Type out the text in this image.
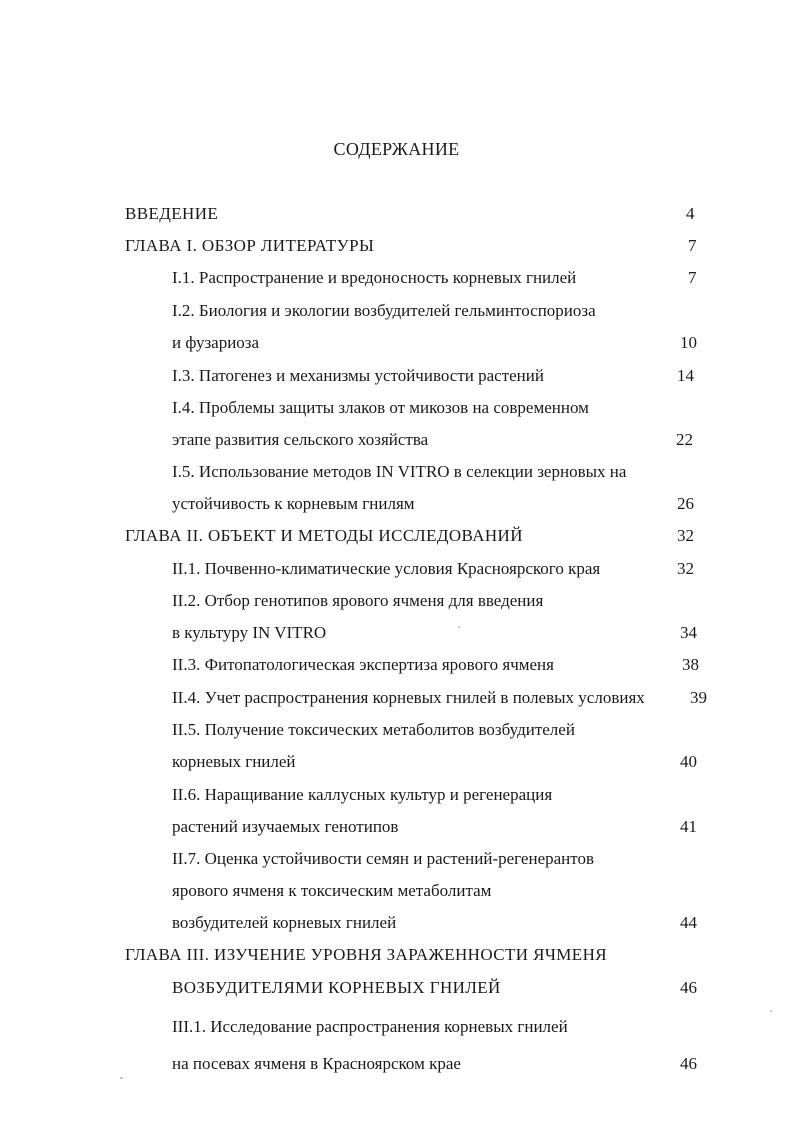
СОДЕРЖАНИЕ
ВВЕДЕНИЕ	4
ГЛАВА I. ОБЗОР ЛИТЕРАТУРЫ	7
I.1. Распространение и вредоносность корневых гнилей	7
I.2. Биология и экологии возбудителей гельминтоспориоза
и фузариоза	10
I.3. Патогенез и механизмы устойчивости растений	14
I.4. Проблемы защиты злаков от микозов на современном
этапе развития сельского хозяйства	22
I.5. Использование методов IN VITRO в селекции зерновых на
устойчивость к корневым гнилям	26
ГЛАВА II. ОБЪЕКТ И МЕТОДЫ ИССЛЕДОВАНИЙ	32
II.1. Почвенно-климатические условия Красноярского края	32
II.2. Отбор генотипов ярового ячменя для введения
в культуру IN VITRO	34
II.3. Фитопатологическая экспертиза ярового ячменя	38
II.4. Учет распространения корневых гнилей в полевых условиях	39
II.5. Получение токсических метаболитов возбудителей
корневых гнилей	40
II.6. Наращивание каллусных культур и регенерация
растений изучаемых генотипов	41
II.7. Оценка устойчивости семян и растений-регенерантов
ярового ячменя к токсическим метаболитам
возбудителей корневых гнилей	44
ГЛАВА III. ИЗУЧЕНИЕ УРОВНЯ ЗАРАЖЕННОСТИ ЯЧМЕНЯ
ВОЗБУДИТЕЛЯМИ КОРНЕВЫХ ГНИЛЕЙ	46
III.1. Исследование распространения корневых гнилей
на посевах ячменя в Красноярском крае	46
